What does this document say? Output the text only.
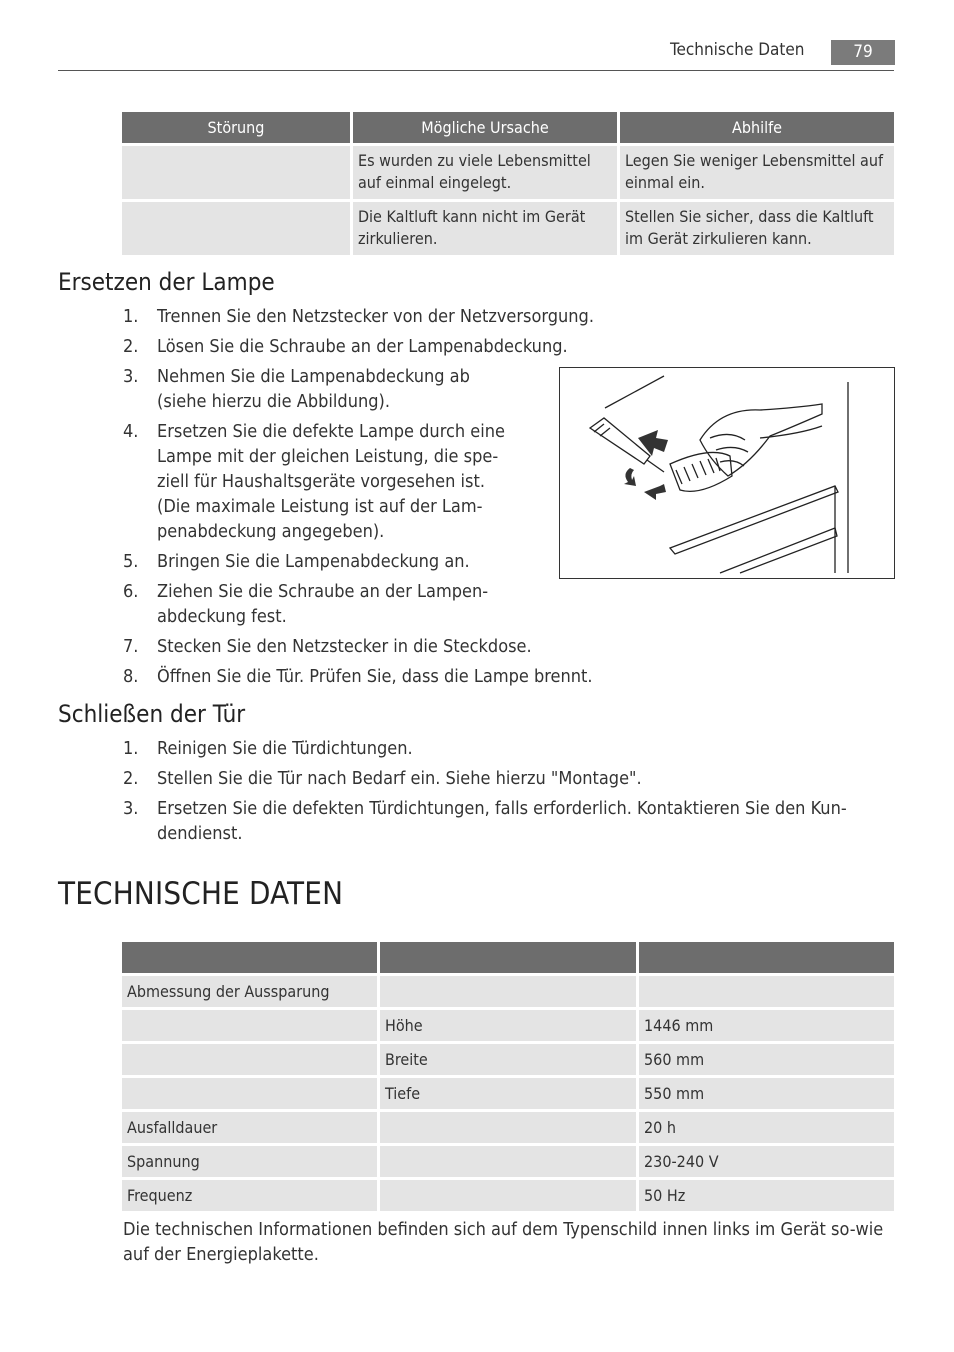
Technische Daten	79
Störung	Mögliche Ursache	Abhilfe
	Es wurden zu viele Lebensmittel auf einmal eingelegt.	Legen Sie weniger Lebensmittel auf einmal ein.
	Die Kaltluft kann nicht im Gerät zirkulieren.	Stellen Sie sicher, dass die Kaltluft im Gerät zirkulieren kann.
Ersetzen der Lampe
1. Trennen Sie den Netzstecker von der Netzversorgung.
2. Lösen Sie die Schraube an der Lampenabdeckung.
3. Nehmen Sie die Lampenabdeckung ab (siehe hierzu die Abbildung).
4. Ersetzen Sie die defekte Lampe durch eine Lampe mit der gleichen Leistung, die spe-ziell für Haushaltsgeräte vorgesehen ist. (Die maximale Leistung ist auf der Lam-penabdeckung angegeben).
5. Bringen Sie die Lampenabdeckung an.
6. Ziehen Sie die Schraube an der Lampen-abdeckung fest.
7. Stecken Sie den Netzstecker in die Steckdose.
8. Öffnen Sie die Tür. Prüfen Sie, dass die Lampe brennt.
Schließen der Tür
1. Reinigen Sie die Türdichtungen.
2. Stellen Sie die Tür nach Bedarf ein. Siehe hierzu "Montage".
3. Ersetzen Sie die defekten Türdichtungen, falls erforderlich. Kontaktieren Sie den Kun-dendienst.
TECHNISCHE DATEN

Abmessung der Aussparung		
	Höhe	1446 mm
	Breite	560 mm
	Tiefe	550 mm
Ausfalldauer		20 h
Spannung		230-240 V
Frequenz		50 Hz
Die technischen Informationen befinden sich auf dem Typenschild innen links im Gerät so-wie auf der Energieplakette.
